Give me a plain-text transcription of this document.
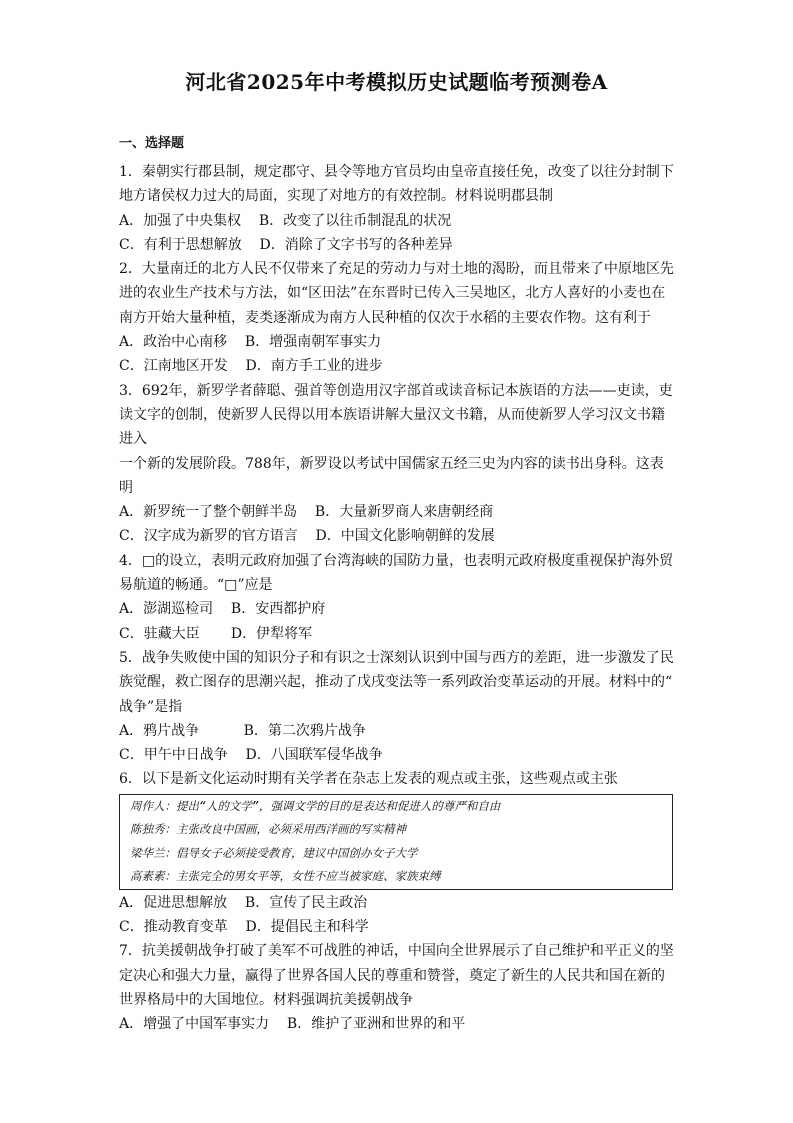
河北省2025年中考模拟历史试题临考预测卷A
一、选择题
1．秦朝实行郡县制，规定郡守、县令等地方官员均由皇帝直接任免，改变了以往分封制下
地方诸侯权力过大的局面，实现了对地方的有效控制。材料说明郡县制
A．加强了中央集权    B．改变了以往币制混乱的状况
C．有利于思想解放    D．消除了文字书写的各种差异
2．大量南迁的北方人民不仅带来了充足的劳动力与对土地的渴盼，而且带来了中原地区先
进的农业生产技术与方法，如“区田法”在东晋时已传入三吴地区，北方人喜好的小麦也在
南方开始大量种植，麦类逐渐成为南方人民种植的仅次于水稻的主要农作物。这有利于
A．政治中心南移    B．增强南朝军事实力
C．江南地区开发    D．南方手工业的进步
3．692年，新罗学者薛聪、强首等创造用汉字部首或读音标记本族语的方法——吏读，吏
读文字的创制，使新罗人民得以用本族语讲解大量汉文书籍，从而使新罗人学习汉文书籍
进入
一个新的发展阶段。788年，新罗设以考试中国儒家五经三史为内容的读书出身科。这表
明
A．新罗统一了整个朝鲜半岛    B．大量新罗商人来唐朝经商
C．汉字成为新罗的官方语言    D．中国文化影响朝鲜的发展
4．□的设立，表明元政府加强了台湾海峡的国防力量，也表明元政府极度重视保护海外贸
易航道的畅通。“□”应是
A．澎湖巡检司    B．安西都护府
C．驻藏大臣       D．伊犁将军
5．战争失败使中国的知识分子和有识之士深刻认识到中国与西方的差距，进一步激发了民
族觉醒，救亡图存的思潮兴起，推动了戊戌变法等一系列政治变革运动的开展。材料中的“
战争”是指
A．鸦片战争          B．第二次鸦片战争
C．甲午中日战争    D．八国联军侵华战争
6．以下是新文化运动时期有关学者在杂志上发表的观点或主张，这些观点或主张
周作人：提出“人的文学”，强调文学的目的是表达和促进人的尊严和自由
陈独秀：主张改良中国画，必须采用西洋画的写实精神
梁华兰：倡导女子必须接受教育，建议中国创办女子大学
高素素：主张完全的男女平等，女性不应当被家庭、家族束缚
A．促进思想解放    B．宣传了民主政治
C．推动教育变革    D．提倡民主和科学
7．抗美援朝战争打破了美军不可战胜的神话，中国向全世界展示了自己维护和平正义的坚
定决心和强大力量，赢得了世界各国人民的尊重和赞誉，奠定了新生的人民共和国在新的
世界格局中的大国地位。材料强调抗美援朝战争
A．增强了中国军事实力    B．维护了亚洲和世界的和平
